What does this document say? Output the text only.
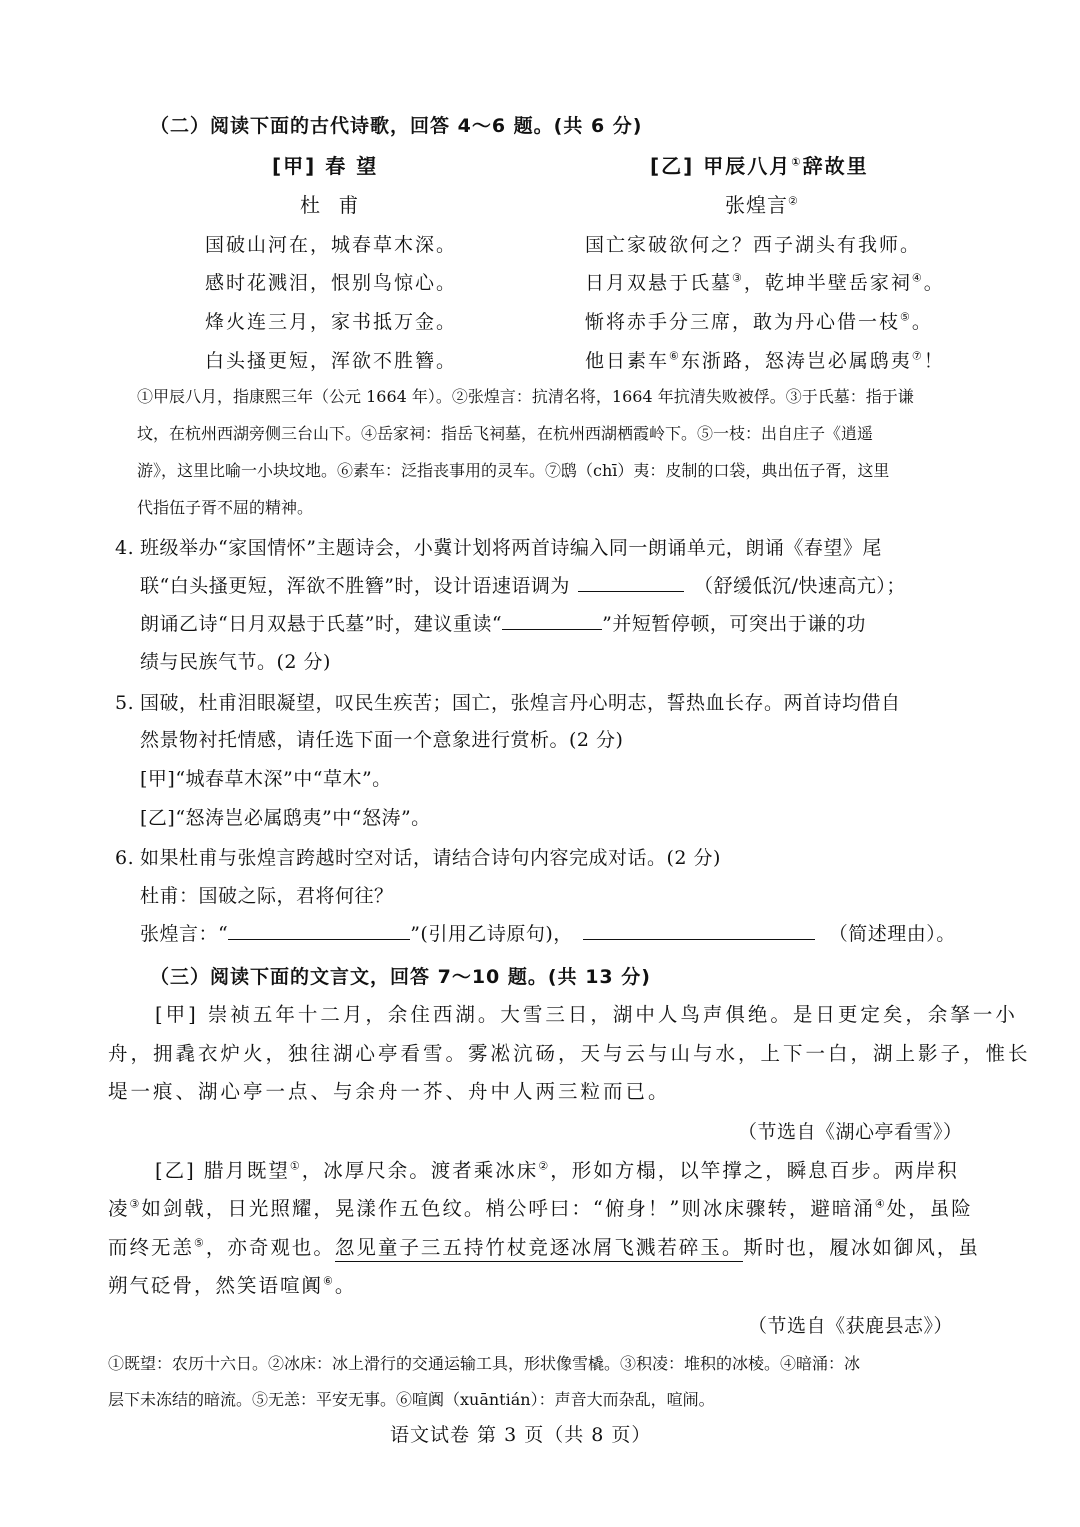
（二）阅读下面的古代诗歌，回答 4～6 题。(共 6 分)
[甲] 春 望
杜 甫
国破山河在，城春草木深。
感时花溅泪，恨别鸟惊心。
烽火连三月，家书抵万金。
白头搔更短，浑欲不胜簪。
[乙] 甲辰八月①辞故里
张煌言②
国亡家破欲何之？西子湖头有我师。
日月双悬于氏墓③，乾坤半壁岳家祠④。
惭将赤手分三席，敢为丹心借一枝⑤。
他日素车⑥东浙路，怒涛岂必属鸱夷⑦！
①甲辰八月，指康熙三年（公元 1664 年）。②张煌言：抗清名将，1664 年抗清失败被俘。③于氏墓：指于谦
坟，在杭州西湖旁侧三台山下。④岳家祠：指岳飞祠墓，在杭州西湖栖霞岭下。⑤一枝：出自庄子《逍遥
游》，这里比喻一小块坟地。⑥素车：泛指丧事用的灵车。⑦鸱（chī）夷：皮制的口袋，典出伍子胥，这里
代指伍子胥不屈的精神。
4. 班级举办“家国情怀”主题诗会，小冀计划将两首诗编入同一朗诵单元，朗诵《春望》尾
联“白头搔更短，浑欲不胜簪”时，设计语速语调为	（舒缓低沉/快速高亢）；
朗诵乙诗“日月双悬于氏墓”时，建议重读“	”并短暂停顿，可突出于谦的功
绩与民族气节。(2 分)
5. 国破，杜甫泪眼凝望，叹民生疾苦；国亡，张煌言丹心明志，誓热血长存。两首诗均借自
然景物衬托情感，请任选下面一个意象进行赏析。(2 分)
[甲]“城春草木深”中“草木”。
[乙]“怒涛岂必属鸱夷”中“怒涛”。
6. 如果杜甫与张煌言跨越时空对话，请结合诗句内容完成对话。(2 分)
杜甫：国破之际，君将何往？
张煌言：“	”(引用乙诗原句)，	（简述理由）。
（三）阅读下面的文言文，回答 7～10 题。(共 13 分)
[甲] 崇祯五年十二月，余住西湖。大雪三日，湖中人鸟声俱绝。是日更定矣，余拏一小
舟，拥毳衣炉火，独往湖心亭看雪。雾凇沆砀，天与云与山与水，上下一白，湖上影子，惟长
堤一痕、湖心亭一点、与余舟一芥、舟中人两三粒而已。
（节选自《湖心亭看雪》）
[乙] 腊月既望①，冰厚尺余。渡者乘冰床②，形如方榻，以竿撑之，瞬息百步。两岸积
凌③如剑戟，日光照耀，晃漾作五色纹。梢公呼曰：“俯身！”则冰床骤转，避暗涌④处，虽险
而终无恙⑤，亦奇观也。忽见童子三五持竹杖竞逐冰屑飞溅若碎玉。斯时也，履冰如御风，虽
朔气砭骨，然笑语喧阗⑥。
（节选自《获鹿县志》）
①既望：农历十六日。②冰床：冰上滑行的交通运输工具，形状像雪橇。③积凌：堆积的冰棱。④暗涌：冰
层下未冻结的暗流。⑤无恙：平安无事。⑥喧阗（xuāntián）：声音大而杂乱，喧闹。
语文试卷 第 3 页（共 8 页）
